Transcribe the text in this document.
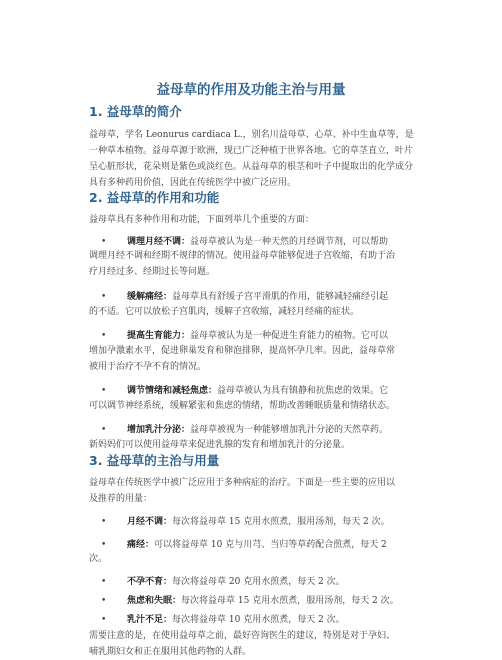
益母草的作用及功能主治与用量
1. 益母草的简介

益母草，学名 Leonurus cardiaca L.，别名川益母草、心草、补中生血草等，是

一种草本植物。益母草源于欧洲，现已广泛种植于世界各地。它的草茎直立，叶片

呈心脏形状，花朵则是紫色或淡红色。从益母草的根茎和叶子中提取出的化学成分

具有多种药用价值，因此在传统医学中被广泛应用。

2. 益母草的作用和功能

益母草具有多种作用和功能，下面列举几个重要的方面：

• 调理月经不调：益母草被认为是一种天然的月经调节剂，可以帮助

调理月经不调和经期不规律的情况。使用益母草能够促进子宫收缩，有助于治

疗月经过多、经期过长等问题。

• 缓解痛经：益母草具有舒缓子宫平滑肌的作用，能够减轻痛经引起

的不适。它可以放松子宫肌肉，缓解子宫收缩，减轻月经痛的症状。

• 提高生育能力：益母草被认为是一种促进生育能力的植物。它可以

增加孕激素水平，促进卵巢发育和卵泡排卵，提高怀孕几率。因此，益母草常

被用于治疗不孕不育的情况。

• 调节情绪和减轻焦虑：益母草被认为具有镇静和抗焦虑的效果。它

可以调节神经系统，缓解紧张和焦虑的情绪，帮助改善睡眠质量和情绪状态。

• 增加乳汁分泌：益母草被视为一种能够增加乳汁分泌的天然草药。

新妈妈们可以使用益母草来促进乳腺的发育和增加乳汁的分泌量。

3. 益母草的主治与用量

益母草在传统医学中被广泛应用于多种病症的治疗。下面是一些主要的应用以

及推荐的用量：

• 月经不调：每次将益母草 15 克用水煎煮，服用汤剂，每天 2 次。
• 痛经：可以将益母草 10 克与川芎、当归等草药配合煎煮，每天 2

次。

• 不孕不育：每次将益母草 20 克用水煎煮，每天 2 次。
• 焦虑和失眠：每次将益母草 15 克用水煎煮，服用汤剂，每天 2 次。
• 乳汁不足：每次将益母草 10 克用水煎煮，每天 2 次。

需要注意的是，在使用益母草之前，最好咨询医生的建议，特别是对于孕妇、

哺乳期妇女和正在服用其他药物的人群。
